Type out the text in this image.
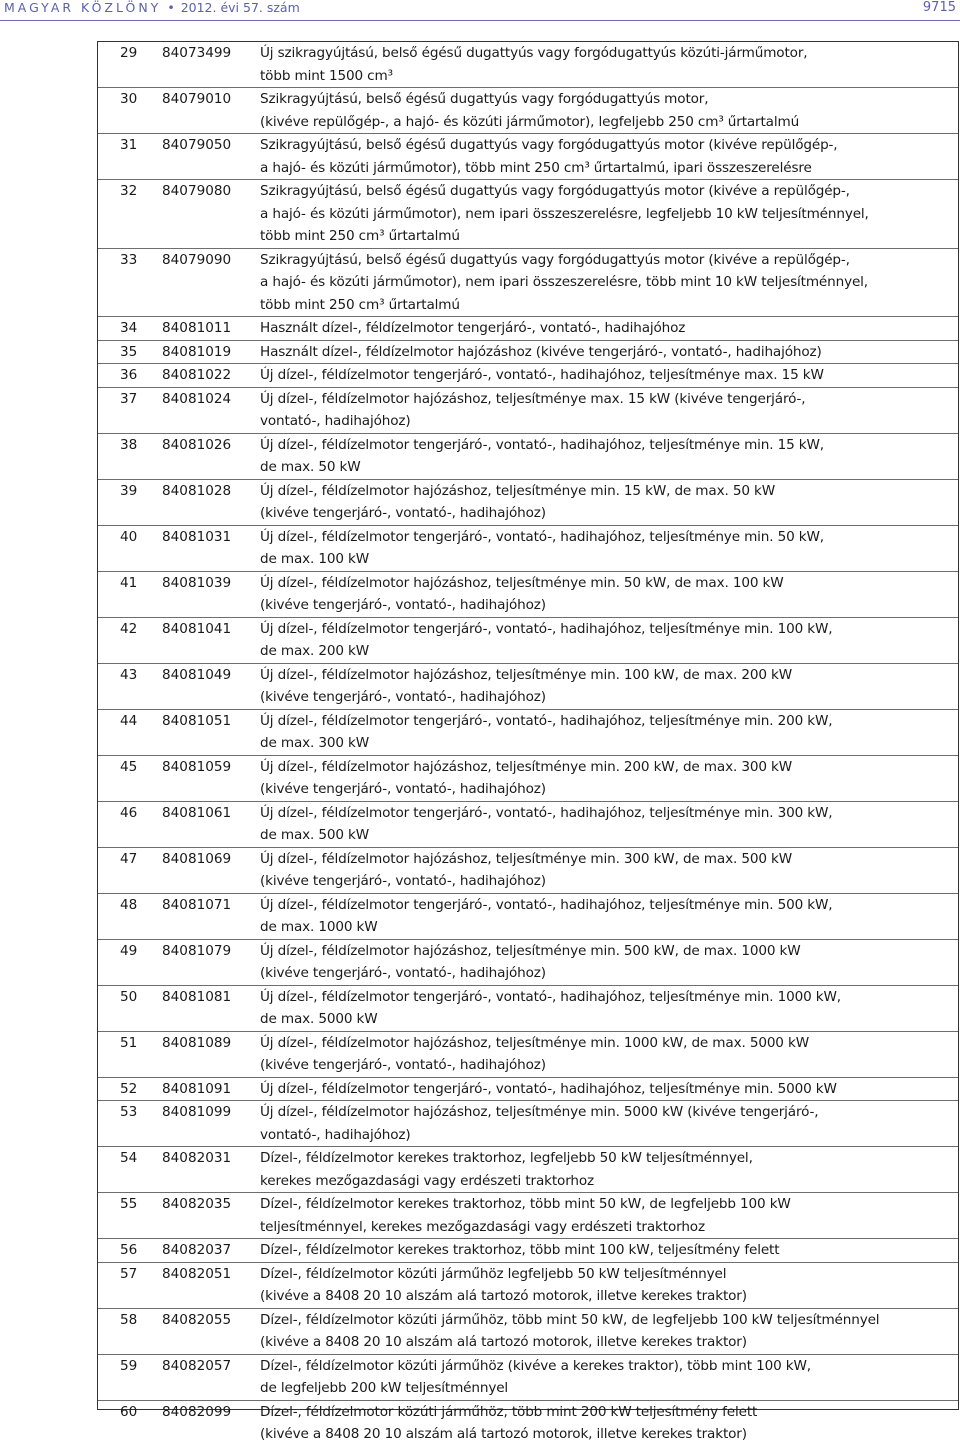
MAGYAR KÖZLÖNY • 2012. évi 57. szám	9715
29	84073499	Új szikragyújtású, belső égésű dugattyús vagy forgódugattyús közúti-járműmotor,
több mint 1500 cm³
30	84079010	Szikragyújtású, belső égésű dugattyús vagy forgódugattyús motor,
(kivéve repülőgép-, a hajó- és közúti járműmotor), legfeljebb 250 cm³ űrtartalmú
31	84079050	Szikragyújtású, belső égésű dugattyús vagy forgódugattyús motor (kivéve repülőgép-,
a hajó- és közúti járműmotor), több mint 250 cm³ űrtartalmú, ipari összeszerelésre
32	84079080	Szikragyújtású, belső égésű dugattyús vagy forgódugattyús motor (kivéve a repülőgép-,
a hajó- és közúti járműmotor), nem ipari összeszerelésre, legfeljebb 10 kW teljesítménnyel,
több mint 250 cm³ űrtartalmú
33	84079090	Szikragyújtású, belső égésű dugattyús vagy forgódugattyús motor (kivéve a repülőgép-,
a hajó- és közúti járműmotor), nem ipari összeszerelésre, több mint 10 kW teljesítménnyel,
több mint 250 cm³ űrtartalmú
34	84081011	Használt dízel-, féldízelmotor tengerjáró-, vontató-, hadihajóhoz
35	84081019	Használt dízel-, féldízelmotor hajózáshoz (kivéve tengerjáró-, vontató-, hadihajóhoz)
36	84081022	Új dízel-, féldízelmotor tengerjáró-, vontató-, hadihajóhoz, teljesítménye max. 15 kW
37	84081024	Új dízel-, féldízelmotor hajózáshoz, teljesítménye max. 15 kW (kivéve tengerjáró-,
vontató-, hadihajóhoz)
38	84081026	Új dízel-, féldízelmotor tengerjáró-, vontató-, hadihajóhoz, teljesítménye min. 15 kW,
de max. 50 kW
39	84081028	Új dízel-, féldízelmotor hajózáshoz, teljesítménye min. 15 kW, de max. 50 kW
(kivéve tengerjáró-, vontató-, hadihajóhoz)
40	84081031	Új dízel-, féldízelmotor tengerjáró-, vontató-, hadihajóhoz, teljesítménye min. 50 kW,
de max. 100 kW
41	84081039	Új dízel-, féldízelmotor hajózáshoz, teljesítménye min. 50 kW, de max. 100 kW
(kivéve tengerjáró-, vontató-, hadihajóhoz)
42	84081041	Új dízel-, féldízelmotor tengerjáró-, vontató-, hadihajóhoz, teljesítménye min. 100 kW,
de max. 200 kW
43	84081049	Új dízel-, féldízelmotor hajózáshoz, teljesítménye min. 100 kW, de max. 200 kW
(kivéve tengerjáró-, vontató-, hadihajóhoz)
44	84081051	Új dízel-, féldízelmotor tengerjáró-, vontató-, hadihajóhoz, teljesítménye min. 200 kW,
de max. 300 kW
45	84081059	Új dízel-, féldízelmotor hajózáshoz, teljesítménye min. 200 kW, de max. 300 kW
(kivéve tengerjáró-, vontató-, hadihajóhoz)
46	84081061	Új dízel-, féldízelmotor tengerjáró-, vontató-, hadihajóhoz, teljesítménye min. 300 kW,
de max. 500 kW
47	84081069	Új dízel-, féldízelmotor hajózáshoz, teljesítménye min. 300 kW, de max. 500 kW
(kivéve tengerjáró-, vontató-, hadihajóhoz)
48	84081071	Új dízel-, féldízelmotor tengerjáró-, vontató-, hadihajóhoz, teljesítménye min. 500 kW,
de max. 1000 kW
49	84081079	Új dízel-, féldízelmotor hajózáshoz, teljesítménye min. 500 kW, de max. 1000 kW
(kivéve tengerjáró-, vontató-, hadihajóhoz)
50	84081081	Új dízel-, féldízelmotor tengerjáró-, vontató-, hadihajóhoz, teljesítménye min. 1000 kW,
de max. 5000 kW
51	84081089	Új dízel-, féldízelmotor hajózáshoz, teljesítménye min. 1000 kW, de max. 5000 kW
(kivéve tengerjáró-, vontató-, hadihajóhoz)
52	84081091	Új dízel-, féldízelmotor tengerjáró-, vontató-, hadihajóhoz, teljesítménye min. 5000 kW
53	84081099	Új dízel-, féldízelmotor hajózáshoz, teljesítménye min. 5000 kW (kivéve tengerjáró-,
vontató-, hadihajóhoz)
54	84082031	Dízel-, féldízelmotor kerekes traktorhoz, legfeljebb 50 kW teljesítménnyel,
kerekes mezőgazdasági vagy erdészeti traktorhoz
55	84082035	Dízel-, féldízelmotor kerekes traktorhoz, több mint 50 kW, de legfeljebb 100 kW
teljesítménnyel, kerekes mezőgazdasági vagy erdészeti traktorhoz
56	84082037	Dízel-, féldízelmotor kerekes traktorhoz, több mint 100 kW, teljesítmény felett
57	84082051	Dízel-, féldízelmotor közúti járműhöz legfeljebb 50 kW teljesítménnyel
(kivéve a 8408 20 10 alszám alá tartozó motorok, illetve kerekes traktor)
58	84082055	Dízel-, féldízelmotor közúti járműhöz, több mint 50 kW, de legfeljebb 100 kW teljesítménnyel
(kivéve a 8408 20 10 alszám alá tartozó motorok, illetve kerekes traktor)
59	84082057	Dízel-, féldízelmotor közúti járműhöz (kivéve a kerekes traktor), több mint 100 kW,
de legfeljebb 200 kW teljesítménnyel
60	84082099	Dízel-, féldízelmotor közúti járműhöz, több mint 200 kW teljesítmény felett
(kivéve a 8408 20 10 alszám alá tartozó motorok, illetve kerekes traktor)
